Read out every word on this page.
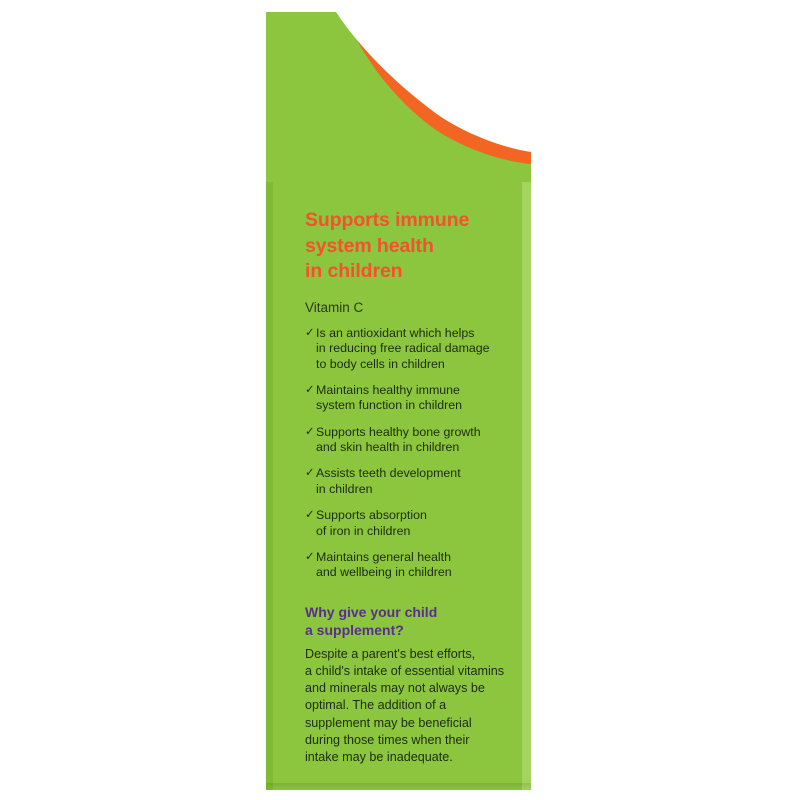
Supports immune
system health
in children
Vitamin C
✓ Is an antioxidant which helps
in reducing free radical damage
to body cells in children
✓ Maintains healthy immune
system function in children
✓ Supports healthy bone growth
and skin health in children
✓ Assists teeth development
in children
✓ Supports absorption
of iron in children
✓ Maintains general health
and wellbeing in children
Why give your child
a supplement?

Despite a parent's best efforts,
a child's intake of essential vitamins
and minerals may not always be
optimal. The addition of a
supplement may be beneficial
during those times when their
intake may be inadequate.
